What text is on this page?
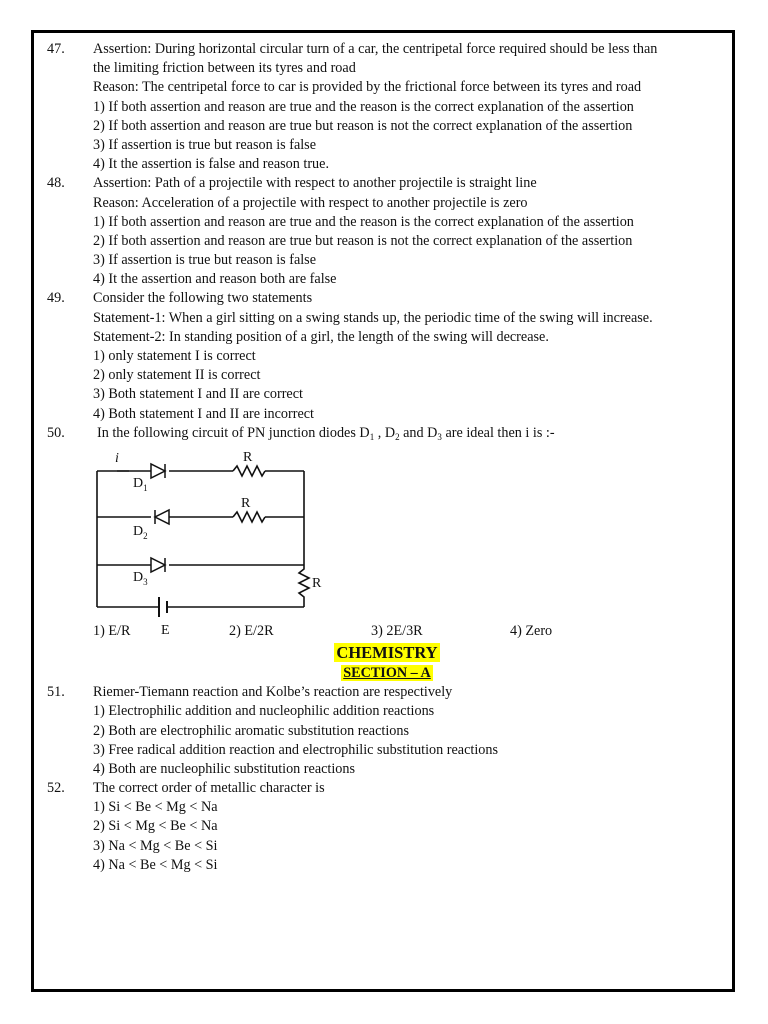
47. Assertion: During horizontal circular turn of a car, the centripetal force required should be less than
the limiting friction between its tyres and road
Reason: The centripetal force to car is provided by the frictional force between its tyres and road
1) If both assertion and reason are true and the reason is the correct explanation of the assertion
2) If both assertion and reason are true but reason is not the correct explanation of the assertion
3) If assertion is true but reason is false
4) It the assertion is false and reason true.
48. Assertion: Path of a projectile with respect to another projectile is straight line
Reason: Acceleration of a projectile with respect to another projectile is zero
1) If both assertion and reason are true and the reason is the correct explanation of the assertion
2) If both assertion and reason are true but reason is not the correct explanation of the assertion
3) If assertion is true but reason is false
4) It the assertion and reason both are false
49. Consider the following two statements
Statement-1: When a girl sitting on a swing stands up, the periodic time of the swing will increase.
Statement-2: In standing position of a girl, the length of the swing will decrease.
1) only statement I is correct
2) only statement II is correct
3) Both statement I and II are correct
4) Both statement I and II are incorrect
50. In the following circuit of PN junction diodes $D_1$ , $D_2$ and $D_3$ are ideal then i is :-
1) E/R	2) E/2R	3) 2E/3R	4) Zero
CHEMISTRY
SECTION – A
51. Riemer-Tiemann reaction and Kolbe’s reaction are respectively
1) Electrophilic addition and nucleophilic addition reactions
2) Both are electrophilic aromatic substitution reactions
3) Free radical addition reaction and electrophilic substitution reactions
4) Both are nucleophilic substitution reactions
52. The correct order of metallic character is
1) Si < Be < Mg < Na
2) Si < Mg < Be < Na
3) Na < Mg < Be < Si
4) Na < Be < Mg < Si
i	R
R
R
$D_1$
$D_2$
$D_3$
E
